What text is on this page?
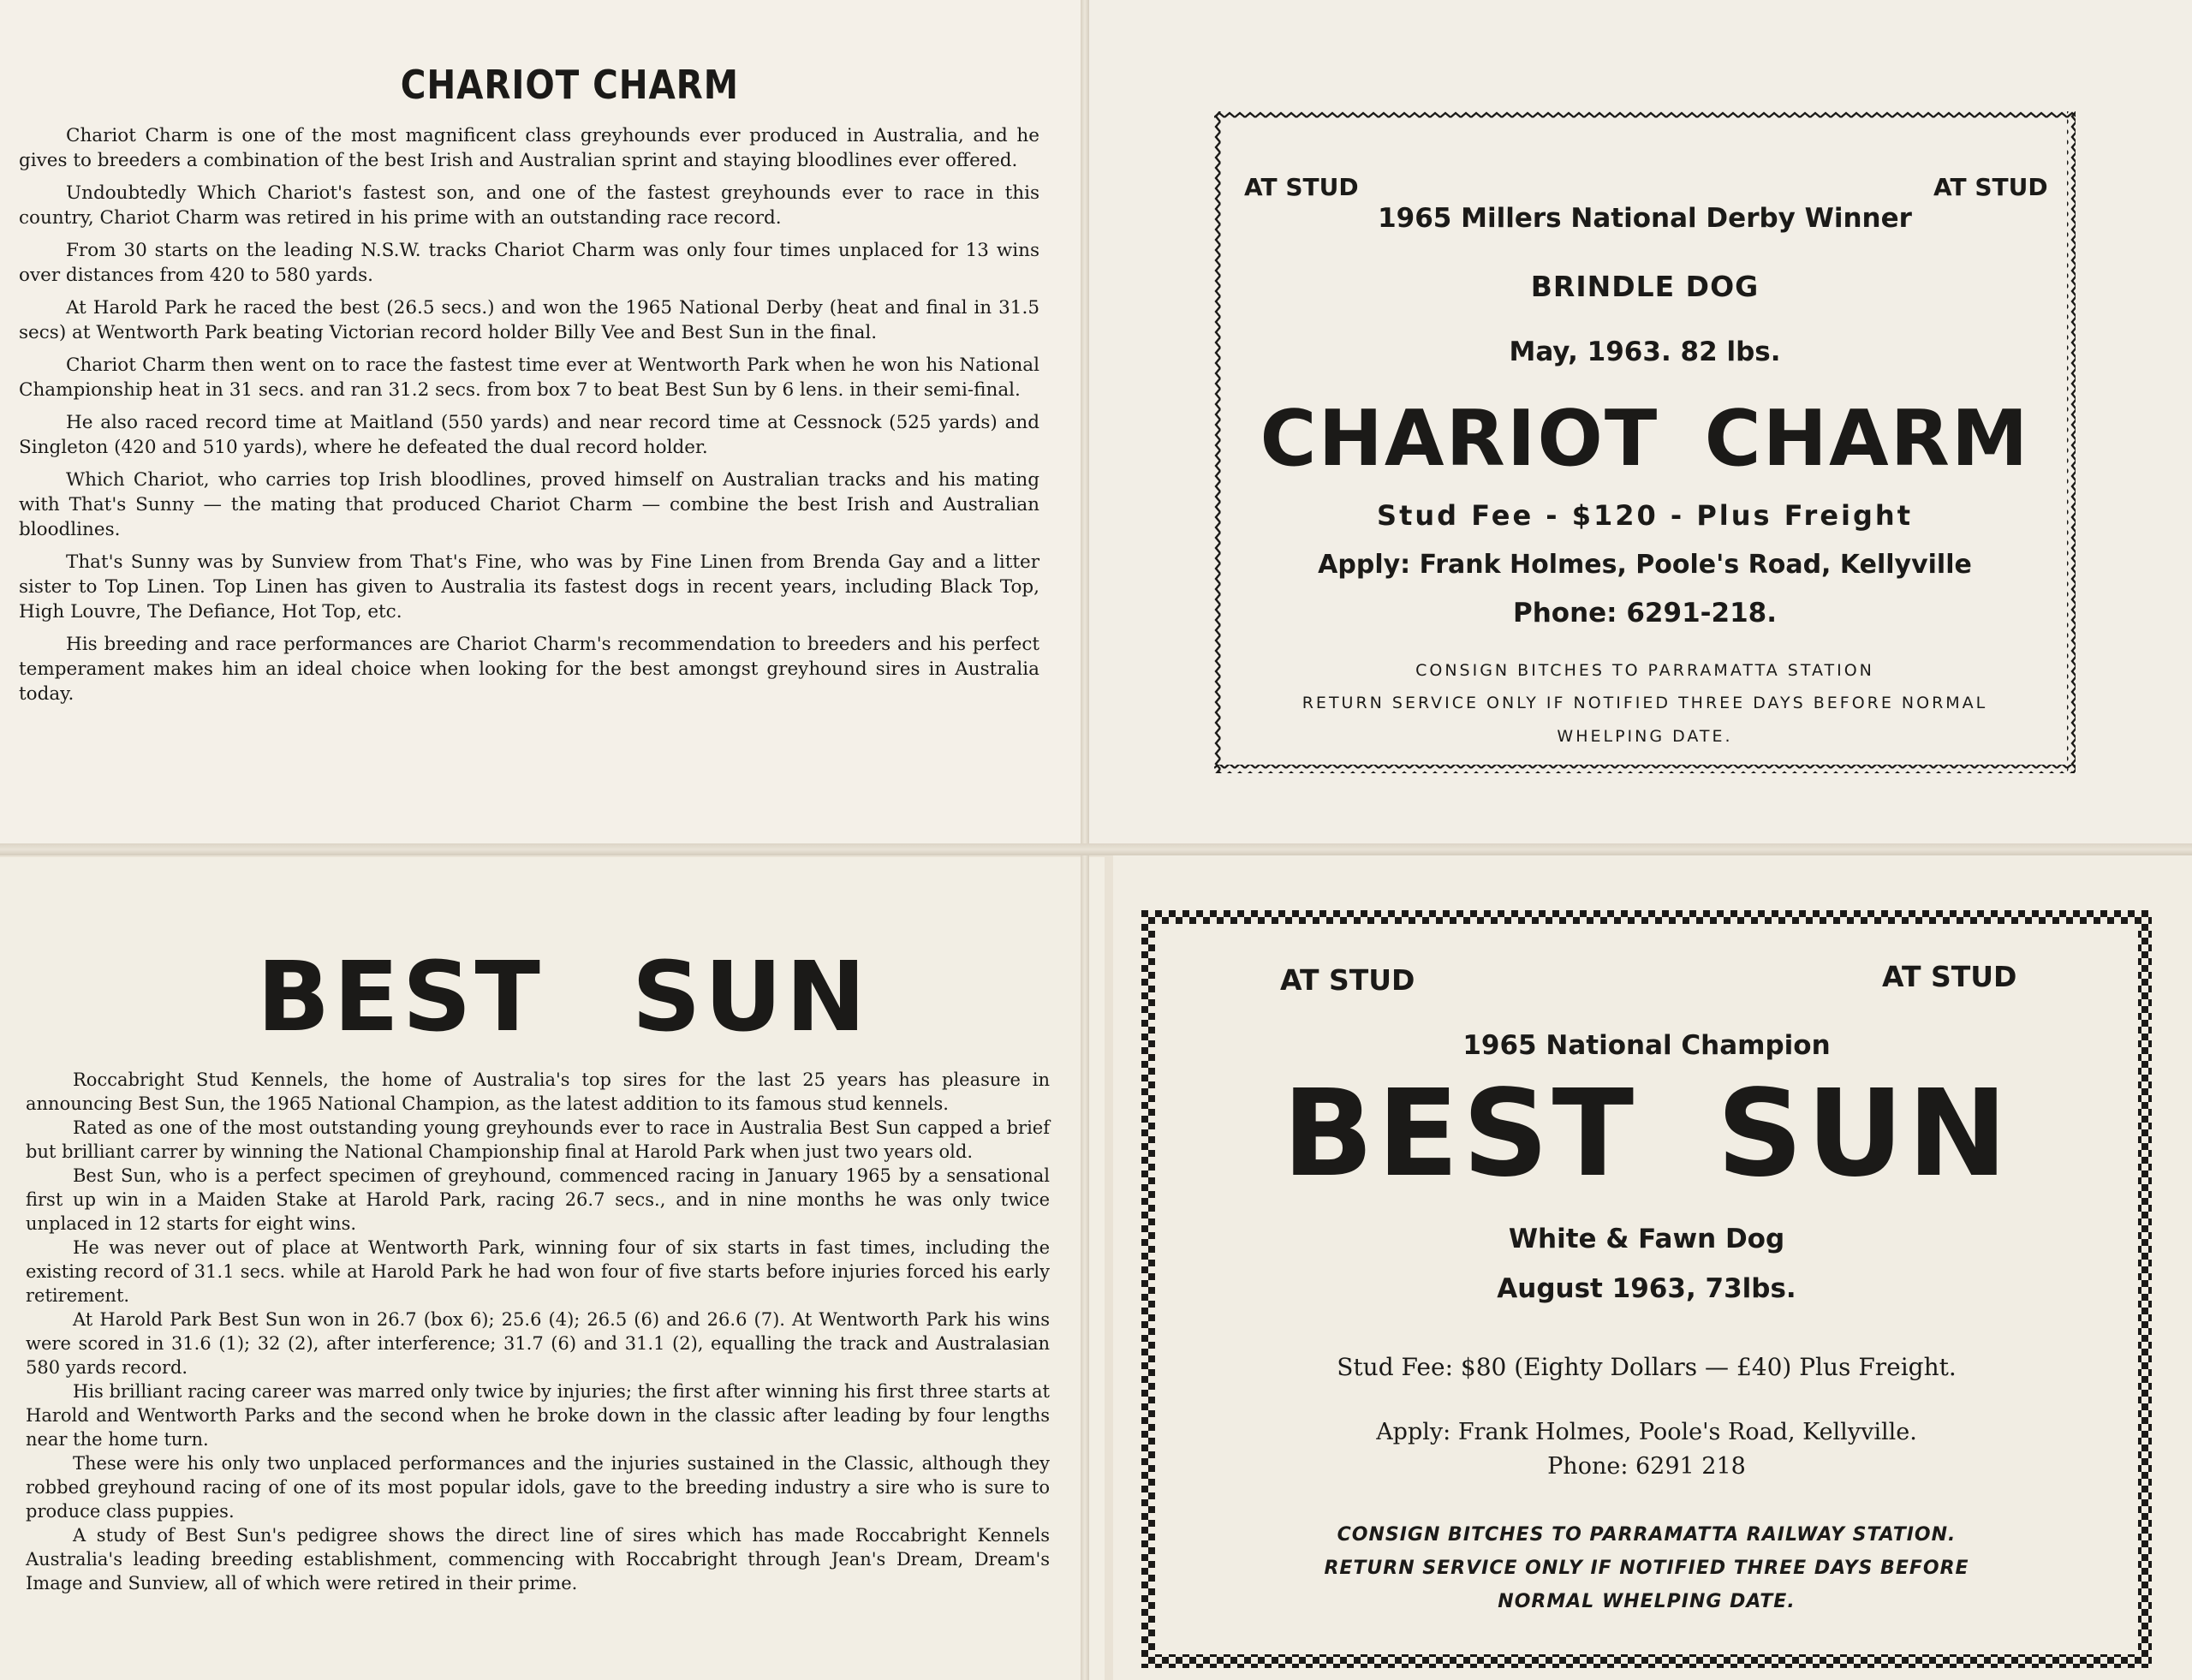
CHARIOT CHARM

Chariot Charm is one of the most magnificent class greyhounds ever produced in Australia, and he gives to breeders a combination of the best Irish and Australian sprint and staying bloodlines ever offered.

Undoubtedly Which Chariot's fastest son, and one of the fastest greyhounds ever to race in this country, Chariot Charm was retired in his prime with an outstanding race record.

From 30 starts on the leading N.S.W. tracks Chariot Charm was only four times unplaced for 13 wins over distances from 420 to 580 yards.

At Harold Park he raced the best (26.5 secs.) and won the 1965 National Derby (heat and final in 31.5 secs) at Wentworth Park beating Victorian record holder Billy Vee and Best Sun in the final.

Chariot Charm then went on to race the fastest time ever at Wentworth Park when he won his National Championship heat in 31 secs. and ran 31.2 secs. from box 7 to beat Best Sun by 6 lens. in their semi-final.

He also raced record time at Maitland (550 yards) and near record time at Cessnock (525 yards) and Singleton (420 and 510 yards), where he defeated the dual record holder.

Which Chariot, who carries top Irish bloodlines, proved himself on Australian tracks and his mating with That's Sunny — the mating that produced Chariot Charm — combine the best Irish and Australian bloodlines.

That's Sunny was by Sunview from That's Fine, who was by Fine Linen from Brenda Gay and a litter sister to Top Linen. Top Linen has given to Australia its fastest dogs in recent years, including Black Top, High Louvre, The Defiance, Hot Top, etc.

His breeding and race performances are Chariot Charm's recommendation to breeders and his perfect temperament makes him an ideal choice when looking for the best amongst greyhound sires in Australia today.

AT STUD	AT STUD
1965 Millers National Derby Winner
BRINDLE DOG
May, 1963. 82 lbs.
CHARIOT CHARM
Stud Fee - $120 - Plus Freight
Apply: Frank Holmes, Poole's Road, Kellyville
Phone: 6291-218.
CONSIGN BITCHES TO PARRAMATTA STATION
RETURN SERVICE ONLY IF NOTIFIED THREE DAYS BEFORE NORMAL
WHELPING DATE.
BEST SUN

Roccabright Stud Kennels, the home of Australia's top sires for the last 25 years has pleasure in announcing Best Sun, the 1965 National Champion, as the latest addition to its famous stud kennels.

Rated as one of the most outstanding young greyhounds ever to race in Australia Best Sun capped a brief but brilliant carrer by winning the National Championship final at Harold Park when just two years old.

Best Sun, who is a perfect specimen of greyhound, commenced racing in January 1965 by a sensational first up win in a Maiden Stake at Harold Park, racing 26.7 secs., and in nine months he was only twice unplaced in 12 starts for eight wins.

He was never out of place at Wentworth Park, winning four of six starts in fast times, including the existing record of 31.1 secs. while at Harold Park he had won four of five starts before injuries forced his early retirement.

At Harold Park Best Sun won in 26.7 (box 6); 25.6 (4); 26.5 (6) and 26.6 (7). At Wentworth Park his wins were scored in 31.6 (1); 32 (2), after interference; 31.7 (6) and 31.1 (2), equalling the track and Australasian 580 yards record.

His brilliant racing career was marred only twice by injuries; the first after winning his first three starts at Harold and Wentworth Parks and the second when he broke down in the classic after leading by four lengths near the home turn.

These were his only two unplaced performances and the injuries sustained in the Classic, although they robbed greyhound racing of one of its most popular idols, gave to the breeding industry a sire who is sure to produce class puppies.

A study of Best Sun's pedigree shows the direct line of sires which has made Roccabright Kennels Australia's leading breeding establishment, commencing with Roccabright through Jean's Dream, Dream's Image and Sunview, all of which were retired in their prime.

AT STUD	AT STUD
1965 National Champion
BEST SUN
White & Fawn Dog
August 1963, 73lbs.
Stud Fee: $80 (Eighty Dollars — £40) Plus Freight.
Apply: Frank Holmes, Poole's Road, Kellyville.
Phone: 6291 218
CONSIGN BITCHES TO PARRAMATTA RAILWAY STATION.
RETURN SERVICE ONLY IF NOTIFIED THREE DAYS BEFORE
NORMAL WHELPING DATE.
